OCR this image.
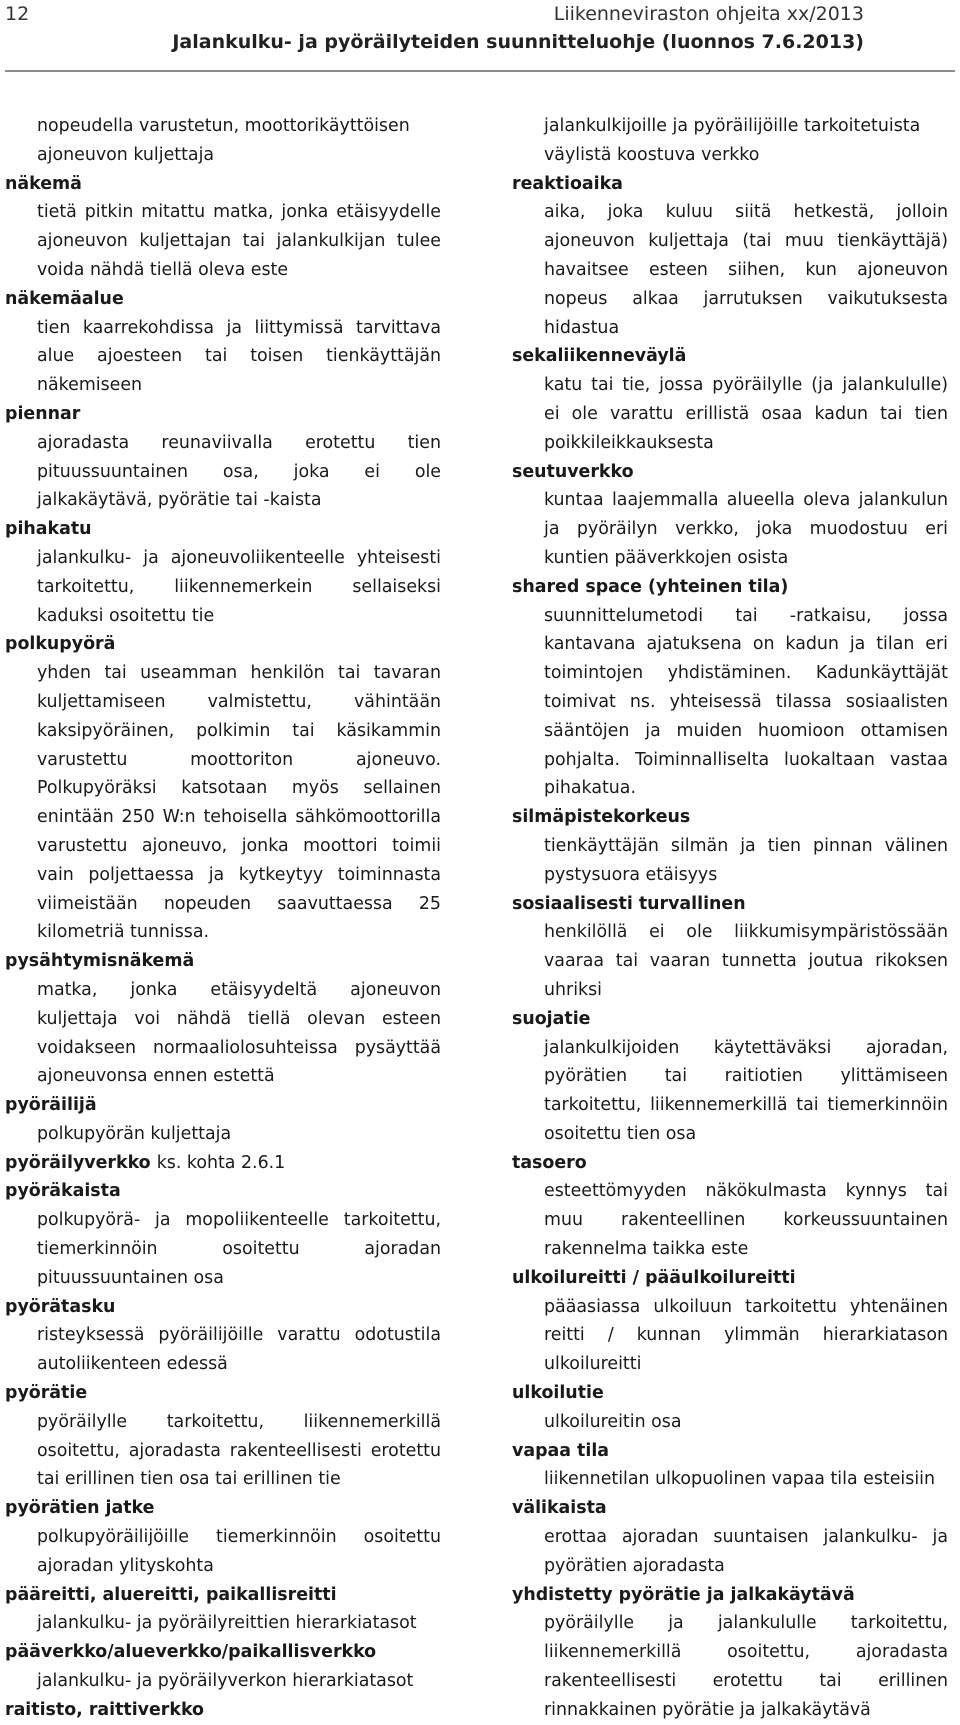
12	Liikenneviraston ohjeita xx/2013
Jalankulku- ja pyöräilyteiden suunnitteluohje (luonnos 7.6.2013)
nopeudella varustetun, moottorikäyttöisen ajoneuvon kuljettaja
näkemä
tietä pitkin mitattu matka, jonka etäisyydelle ajoneuvon kuljettajan tai jalankulkijan tulee voida nähdä tiellä oleva este
näkemäalue
tien kaarrekohdissa ja liittymissä tarvittava alue ajoesteen tai toisen tienkäyttäjän näkemiseen
piennar
ajoradasta reunaviivalla erotettu tien pituussuuntainen osa, joka ei ole jalkakäytävä, pyörätie tai -kaista
pihakatu
jalankulku- ja ajoneuvoliikenteelle yhteisesti tarkoitettu, liikennemerkein sellaiseksi kaduksi osoitettu tie
polkupyörä
yhden tai useamman henkilön tai tavaran kuljettamiseen valmistettu, vähintään kaksipyöräinen, polkimin tai käsikammin varustettu moottoriton ajoneuvo. Polkupyöräksi katsotaan myös sellainen enintään 250 W:n tehoisella sähkömoottorilla varustettu ajoneuvo, jonka moottori toimii vain poljettaessa ja kytkeytyy toiminnasta viimeistään nopeuden saavuttaessa 25 kilometriä tunnissa.
pysähtymisnäkemä
matka, jonka etäisyydeltä ajoneuvon kuljettaja voi nähdä tiellä olevan esteen voidakseen normaaliolosuhteissa pysäyttää ajoneuvonsa ennen estettä
pyöräilijä
polkupyörän kuljettaja
pyöräilyverkko ks. kohta 2.6.1
pyöräkaista
polkupyörä- ja mopoliikenteelle tarkoitettu, tiemerkinnöin osoitettu ajoradan pituussuuntainen osa
pyörätasku
risteyksessä pyöräilijöille varattu odotustila autoliikenteen edessä
pyörätie
pyöräilylle tarkoitettu, liikennemerkillä osoitettu, ajoradasta rakenteellisesti erotettu tai erillinen tien osa tai erillinen tie
pyörätien jatke
polkupyöräilijöille tiemerkinnöin osoitettu ajoradan ylityskohta
pääreitti, aluereitti, paikallisreitti
jalankulku- ja pyöräilyreittien hierarkiatasot
pääverkko/alueverkko/paikallisverkko
jalankulku- ja pyöräilyverkon hierarkiatasot
raitisto, raittiverkko
jalankulkijoille ja pyöräilijöille tarkoitetuista väylistä koostuva verkko
reaktioaika
aika, joka kuluu siitä hetkestä, jolloin ajoneuvon kuljettaja (tai muu tienkäyttäjä) havaitsee esteen siihen, kun ajoneuvon nopeus alkaa jarrutuksen vaikutuksesta hidastua
sekaliikenneväylä
katu tai tie, jossa pyöräilylle (ja jalankululle) ei ole varattu erillistä osaa kadun tai tien poikkileikkauksesta
seutuverkko
kuntaa laajemmalla alueella oleva jalankulun ja pyöräilyn verkko, joka muodostuu eri kuntien pääverkkojen osista
shared space (yhteinen tila)
suunnittelumetodi tai -ratkaisu, jossa kantavana ajatuksena on kadun ja tilan eri toimintojen yhdistäminen. Kadunkäyttäjät toimivat ns. yhteisessä tilassa sosiaalisten sääntöjen ja muiden huomioon ottamisen pohjalta. Toiminnalliselta luokaltaan vastaa pihakatua.
silmäpistekorkeus
tienkäyttäjän silmän ja tien pinnan välinen pystysuora etäisyys
sosiaalisesti turvallinen
henkilöllä ei ole liikkumisympäristössään vaaraa tai vaaran tunnetta joutua rikoksen uhriksi
suojatie
jalankulkijoiden käytettäväksi ajoradan, pyörätien tai raitiotien ylittämiseen tarkoitettu, liikennemerkillä tai tiemerkinnöin osoitettu tien osa
tasoero
esteettömyyden näkökulmasta kynnys tai muu rakenteellinen korkeussuuntainen rakennelma taikka este
ulkoilureitti / pääulkoilureitti
pääasiassa ulkoiluun tarkoitettu yhtenäinen reitti / kunnan ylimmän hierarkiatason ulkoilureitti
ulkoilutie
ulkoilureitin osa
vapaa tila
liikennetilan ulkopuolinen vapaa tila esteisiin
välikaista
erottaa ajoradan suuntaisen jalankulku- ja pyörätien ajoradasta
yhdistetty pyörätie ja jalkakäytävä
pyöräilylle ja jalankululle tarkoitettu, liikennemerkillä osoitettu, ajoradasta rakenteellisesti erotettu tai erillinen rinnakkainen pyörätie ja jalkakäytävä
